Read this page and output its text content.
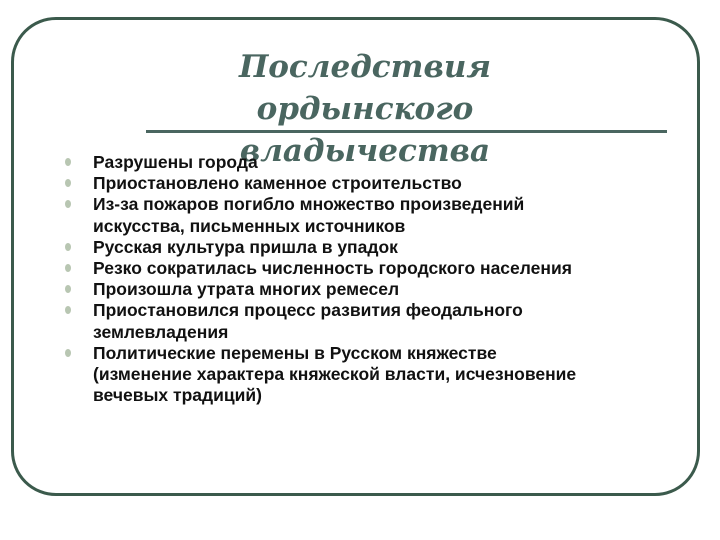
Последствия ордынского
владычества
Разрушены города
Приостановлено каменное строительство
Из-за пожаров погибло множество произведений
искусства, письменных источников
Русская культура пришла в упадок
Резко сократилась численность городского населения
Произошла утрата многих ремесел
Приостановился процесс развития феодального
землевладения
Политические перемены в Русском княжестве
(изменение характера княжеской власти, исчезновение
вечевых традиций)
